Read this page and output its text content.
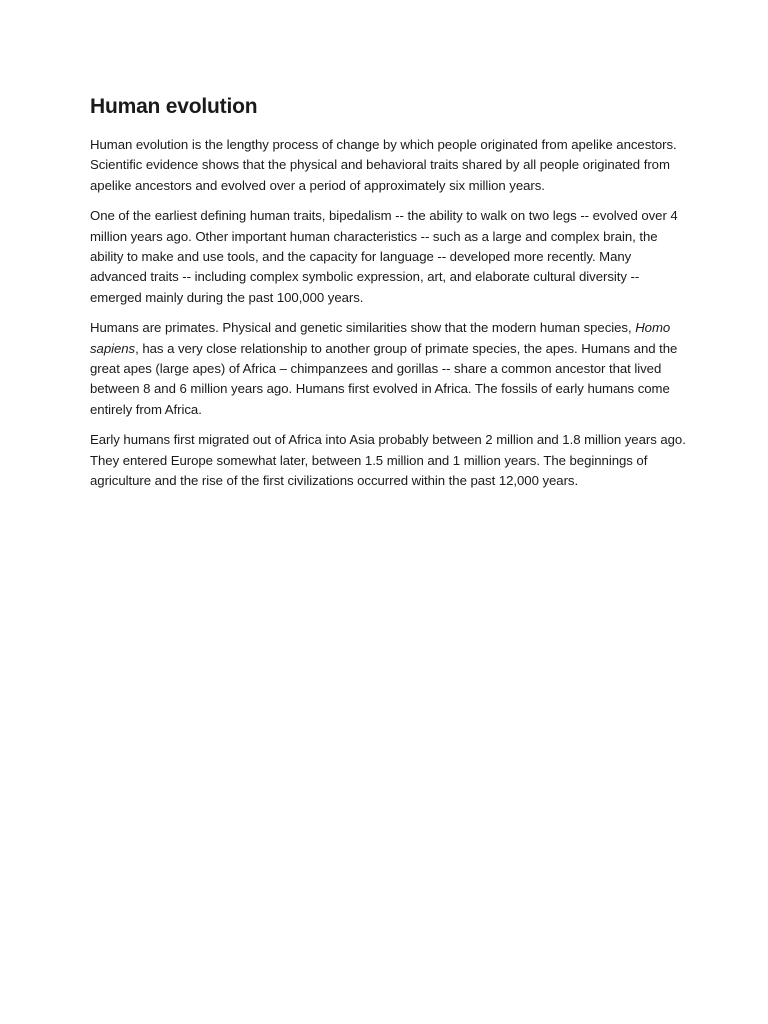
Human evolution

Human evolution is the lengthy process of change by which people originated from apelike ancestors. Scientific evidence shows that the physical and behavioral traits shared by all people originated from apelike ancestors and evolved over a period of approximately six million years.

One of the earliest defining human traits, bipedalism -- the ability to walk on two legs -- evolved over 4 million years ago. Other important human characteristics -- such as a large and complex brain, the ability to make and use tools, and the capacity for language -- developed more recently. Many advanced traits -- including complex symbolic expression, art, and elaborate cultural diversity -- emerged mainly during the past 100,000 years.

Humans are primates. Physical and genetic similarities show that the modern human species, Homo sapiens, has a very close relationship to another group of primate species, the apes. Humans and the great apes (large apes) of Africa – chimpanzees and gorillas -- share a common ancestor that lived between 8 and 6 million years ago. Humans first evolved in Africa. The fossils of early humans come entirely from Africa.

Early humans first migrated out of Africa into Asia probably between 2 million and 1.8 million years ago. They entered Europe somewhat later, between 1.5 million and 1 million years. The beginnings of agriculture and the rise of the first civilizations occurred within the past 12,000 years.
